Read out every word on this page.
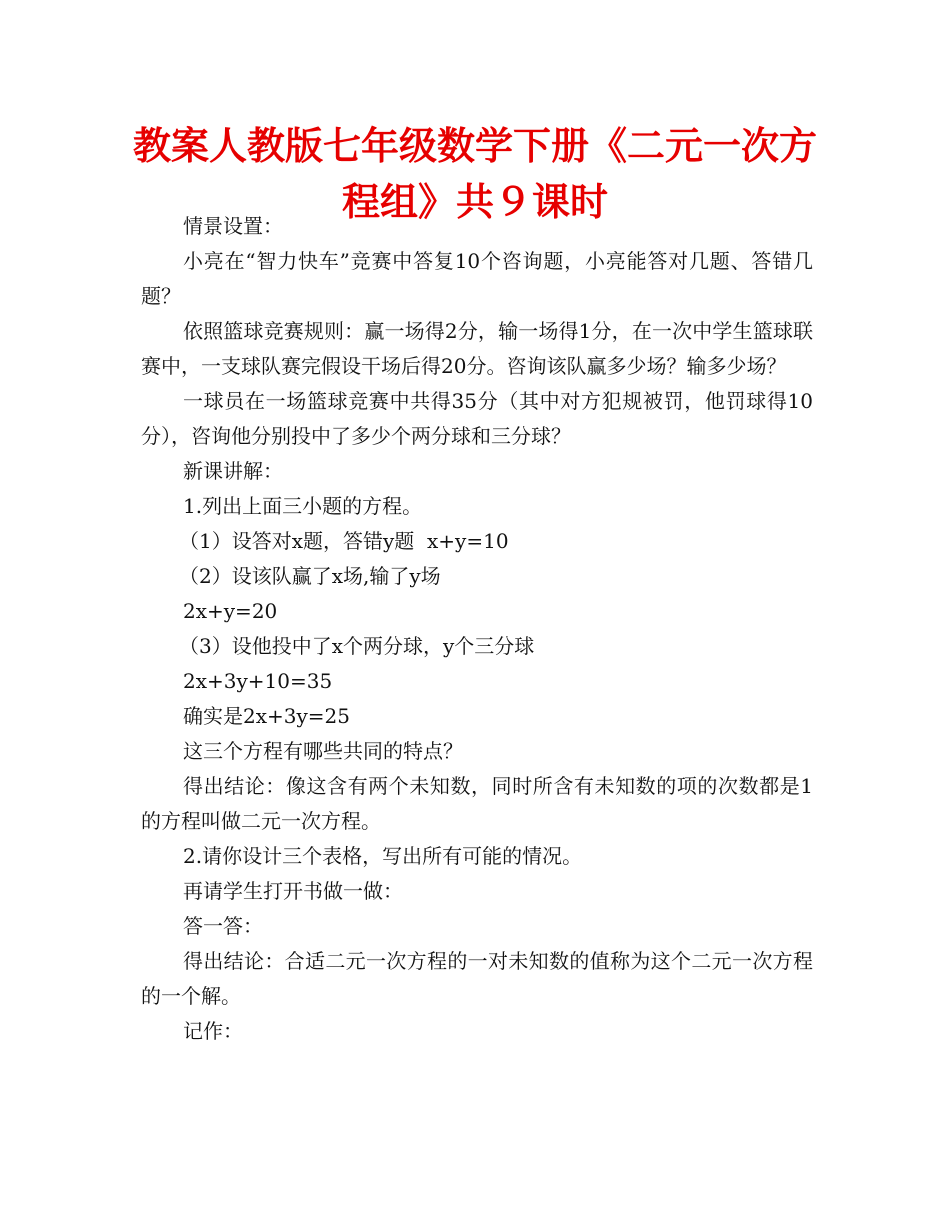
教案人教版七年级数学下册《二元一次方
程组》共９课时

情景设置：

小亮在“智力快车”竞赛中答复10个咨询题，小亮能答对几题、答错几题？

依照篮球竞赛规则：赢一场得2分，输一场得1分，在一次中学生篮球联赛中，一支球队赛完假设干场后得20分。咨询该队赢多少场？输多少场？

一球员在一场篮球竞赛中共得35分（其中对方犯规被罚，他罚球得10分），咨询他分别投中了多少个两分球和三分球？

新课讲解：

1.列出上面三小题的方程。

（1）设答对x题，答错y题  x+y=10

（2）设该队赢了x场,输了y场

2x+y=20

（3）设他投中了x个两分球，y个三分球

2x+3y+10=35

确实是2x+3y=25

这三个方程有哪些共同的特点？

得出结论：像这含有两个未知数，同时所含有未知数的项的次数都是1的方程叫做二元一次方程。

2.请你设计三个表格，写出所有可能的情况。

再请学生打开书做一做：

答一答：

得出结论：合适二元一次方程的一对未知数的值称为这个二元一次方程的一个解。

记作：
